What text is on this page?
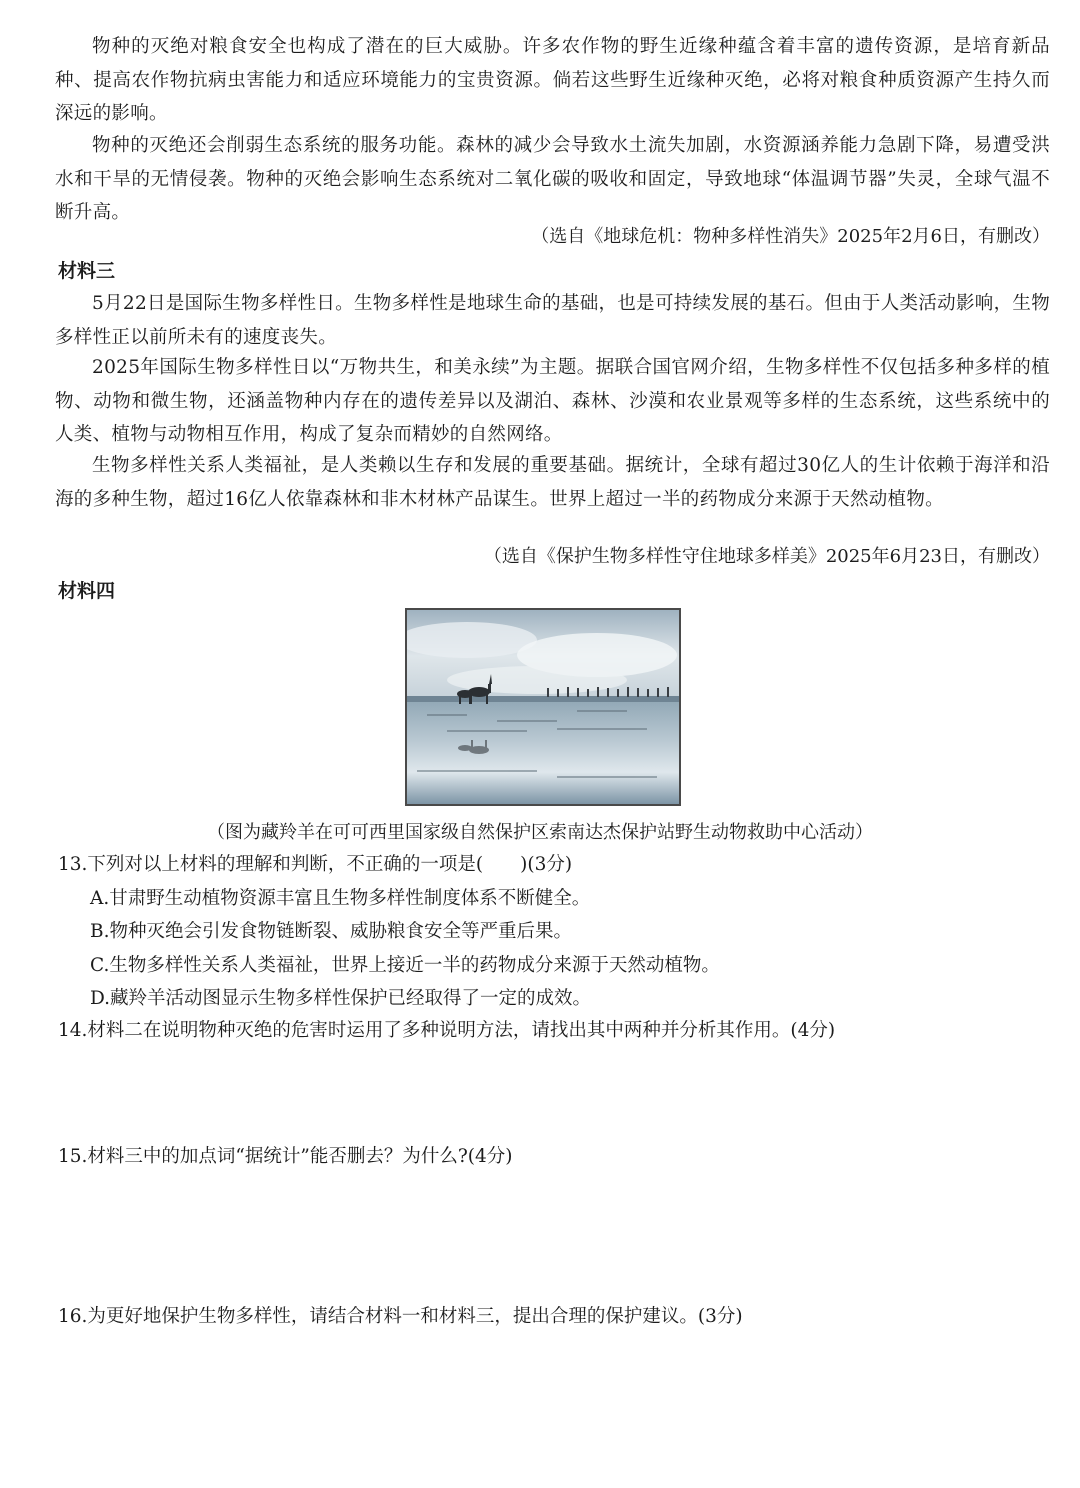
物种的灭绝对粮食安全也构成了潜在的巨大威胁。许多农作物的野生近缘种蕴含着丰富的遗传资源，是培育新品种、提高农作物抗病虫害能力和适应环境能力的宝贵资源。倘若这些野生近缘种灭绝，必将对粮食种质资源产生持久而深远的影响。

物种的灭绝还会削弱生态系统的服务功能。森林的减少会导致水土流失加剧，水资源涵养能力急剧下降，易遭受洪水和干旱的无情侵袭。物种的灭绝会影响生态系统对二氧化碳的吸收和固定，导致地球“体温调节器”失灵，全球气温不断升高。

（选自《地球危机：物种多样性消失》2025年2月6日，有删改）
材料三

5月22日是国际生物多样性日。生物多样性是地球生命的基础，也是可持续发展的基石。但由于人类活动影响，生物多样性正以前所未有的速度丧失。

2025年国际生物多样性日以“万物共生，和美永续”为主题。据联合国官网介绍，生物多样性不仅包括多种多样的植物、动物和微生物，还涵盖物种内存在的遗传差异以及湖泊、森林、沙漠和农业景观等多样的生态系统，这些系统中的人类、植物与动物相互作用，构成了复杂而精妙的自然网络。

生物多样性关系人类福祉，是人类赖以生存和发展的重要基础。据统计，全球有超过30亿人的生计依赖于海洋和沿海的多种生物，超过16亿人依靠森林和非木材林产品谋生。世界上超过一半的药物成分来源于天然动植物。

（选自《保护生物多样性守住地球多样美》2025年6月23日，有删改）
材料四
（图为藏羚羊在可可西里国家级自然保护区索南达杰保护站野生动物救助中心活动）
13.下列对以上材料的理解和判断，不正确的一项是(　　)(3分)
A.甘肃野生动植物资源丰富且生物多样性制度体系不断健全。
B.物种灭绝会引发食物链断裂、威胁粮食安全等严重后果。
C.生物多样性关系人类福祉，世界上接近一半的药物成分来源于天然动植物。
D.藏羚羊活动图显示生物多样性保护已经取得了一定的成效。
14.材料二在说明物种灭绝的危害时运用了多种说明方法，请找出其中两种并分析其作用。(4分)
15.材料三中的加点词“据统计”能否删去？为什么?(4分)
16.为更好地保护生物多样性，请结合材料一和材料三，提出合理的保护建议。(3分)
